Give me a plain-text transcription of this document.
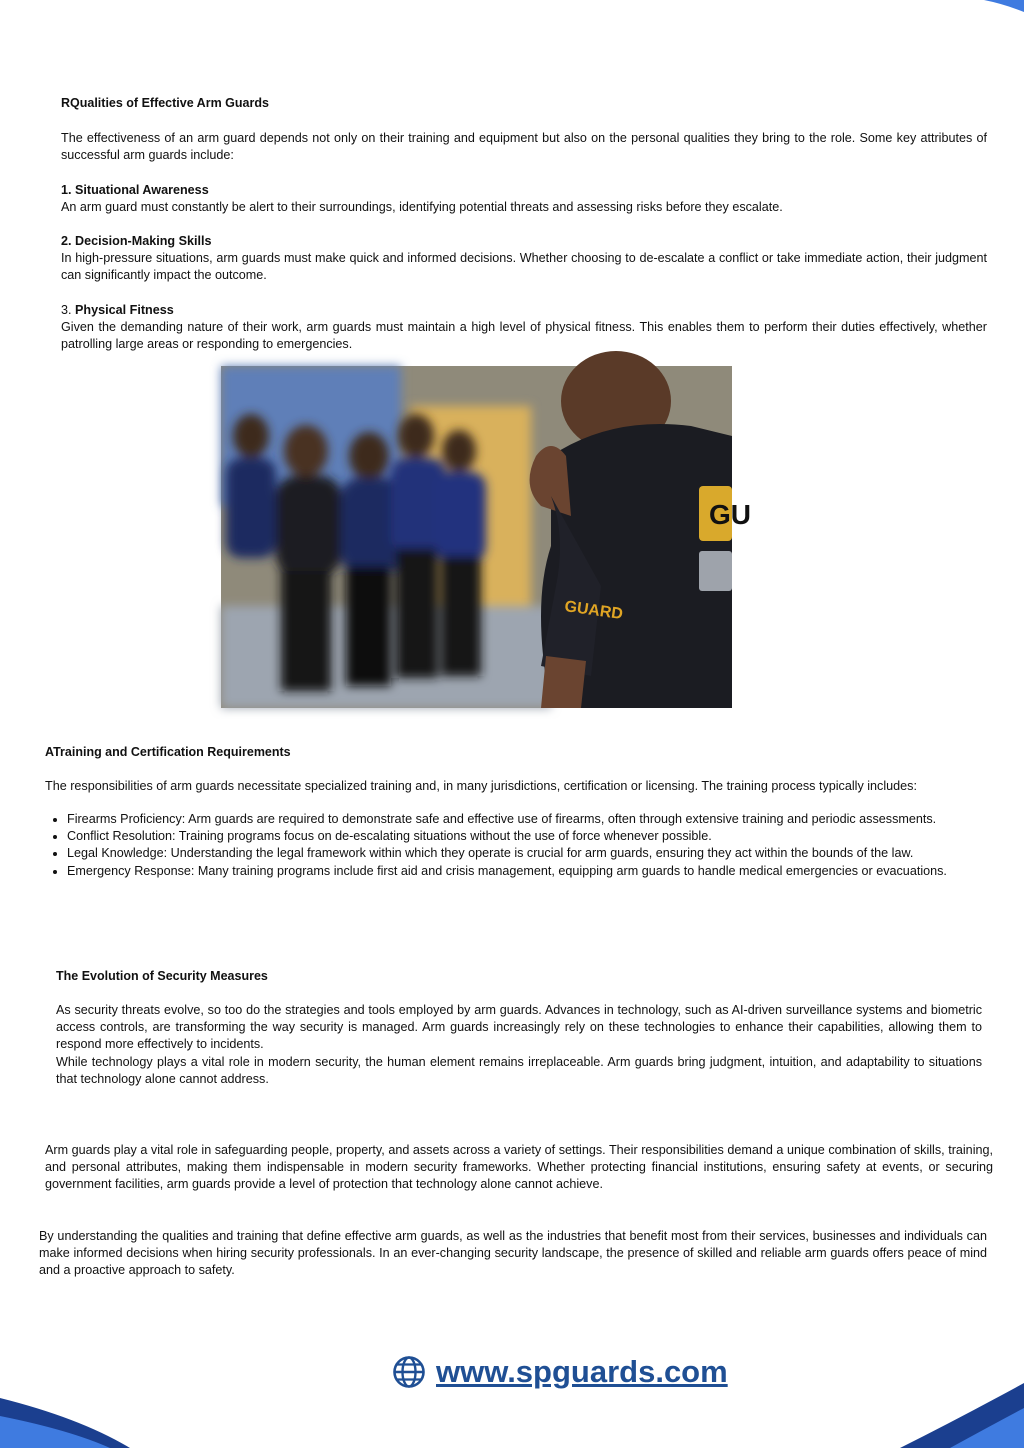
RQualities of Effective Arm Guards

The effectiveness of an arm guard depends not only on their training and equipment but also on the personal qualities they bring to the role. Some key attributes of successful arm guards include:

1. Situational Awareness

An arm guard must constantly be alert to their surroundings, identifying potential threats and assessing risks before they escalate.

2. Decision-Making Skills

In high-pressure situations, arm guards must make quick and informed decisions. Whether choosing to de-escalate a conflict or take immediate action, their judgment can significantly impact the outcome.

3. Physical Fitness

Given the demanding nature of their work, arm guards must maintain a high level of physical fitness. This enables them to perform their duties effectively, whether patrolling large areas or responding to emergencies.

GU
GUARD
ATraining and Certification Requirements
The responsibilities of arm guards necessitate specialized training and, in many jurisdictions, certification or licensing. The training process typically includes:
• Firearms Proficiency: Arm guards are required to demonstrate safe and effective use of firearms, often through extensive training and periodic assessments.
• Conflict Resolution: Training programs focus on de-escalating situations without the use of force whenever possible.
• Legal Knowledge: Understanding the legal framework within which they operate is crucial for arm guards, ensuring they act within the bounds of the law.
• Emergency Response: Many training programs include first aid and crisis management, equipping arm guards to handle medical emergencies or evacuations.
The Evolution of Security Measures

As security threats evolve, so too do the strategies and tools employed by arm guards. Advances in technology, such as AI-driven surveillance systems and biometric access controls, are transforming the way security is managed. Arm guards increasingly rely on these technologies to enhance their capabilities, allowing them to respond more effectively to incidents.

While technology plays a vital role in modern security, the human element remains irreplaceable. Arm guards bring judgment, intuition, and adaptability to situations that technology alone cannot address.

Arm guards play a vital role in safeguarding people, property, and assets across a variety of settings. Their responsibilities demand a unique combination of skills, training, and personal attributes, making them indispensable in modern security frameworks. Whether protecting financial institutions, ensuring safety at events, or securing government facilities, arm guards provide a level of protection that technology alone cannot achieve.
By understanding the qualities and training that define effective arm guards, as well as the industries that benefit most from their services, businesses and individuals can make informed decisions when hiring security professionals. In an ever-changing security landscape, the presence of skilled and reliable arm guards offers peace of mind and a proactive approach to safety.
www.spguards.com
